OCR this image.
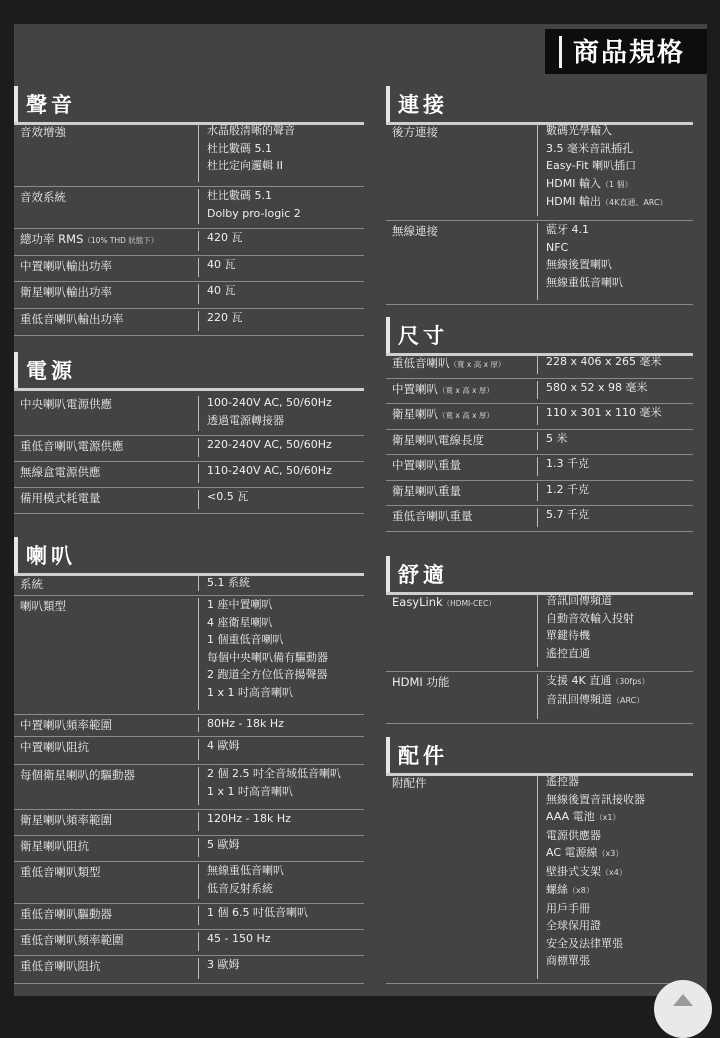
商品規格
聲音
音效增強	水晶般清晰的聲音
杜比數碼 5.1
杜比定向邏輯 II
音效系統	杜比數碼 5.1
Dolby pro-logic 2
總功率 RMS（10% THD 狀態下）	420 瓦
中置喇叭輸出功率	40 瓦
衛星喇叭輸出功率	40 瓦
重低音喇叭輸出功率	220 瓦
電源
中央喇叭電源供應	100-240V AC, 50/60Hz
透過電源轉接器
重低音喇叭電源供應	220-240V AC, 50/60Hz
無線盒電源供應	110-240V AC, 50/60Hz
備用模式耗電量	<0.5 瓦
喇叭
系統	5.1 系統
喇叭類型	1 座中置喇叭
4 座衛星喇叭
1 個重低音喇叭
每個中央喇叭備有驅動器
2 跑道全方位低音揚聲器
1 x 1 吋高音喇叭
中置喇叭頻率範圍	80Hz - 18k Hz
中置喇叭阻抗	4 歐姆
每個衛星喇叭的驅動器	2 個 2.5 吋全音域低音喇叭
1 x 1 吋高音喇叭
衛星喇叭頻率範圍	120Hz - 18k Hz
衛星喇叭阻抗	5 歐姆
重低音喇叭類型	無線重低音喇叭
低音反射系統
重低音喇叭驅動器	1 個 6.5 吋低音喇叭
重低音喇叭頻率範圍	45 - 150 Hz
重低音喇叭阻抗	3 歐姆
連接
後方連接	數碼光學輸入
3.5 毫米音訊插孔
Easy-Fit 喇叭插口
HDMI 輸入（1 個）
HDMI 輸出（4K直通、ARC）
無線連接	藍牙 4.1
NFC
無線後置喇叭
無線重低音喇叭
尺寸
重低音喇叭（寬 x 高 x 厚）	228 x 406 x 265 毫米
中置喇叭（寬 x 高 x 厚）	580 x 52 x 98 毫米
衛星喇叭（寬 x 高 x 厚）	110 x 301 x 110 毫米
衛星喇叭電線長度	5 米
中置喇叭重量	1.3 千克
衛星喇叭重量	1.2 千克
重低音喇叭重量	5.7 千克
舒適
EasyLink（HDMI-CEC）	音訊回傳頻道
自動音效輸入投射
單鍵待機
遙控直通
HDMI 功能	支援 4K 直通（30fps）
音訊回傳頻道（ARC）
配件
附配件	遙控器
無線後置音訊接收器
AAA 電池（x1）
電源供應器
AC 電源線（x3）
壁掛式支架（x4）
螺絲（x8）
用戶手冊
全球保用證
安全及法律單張
商標單張
